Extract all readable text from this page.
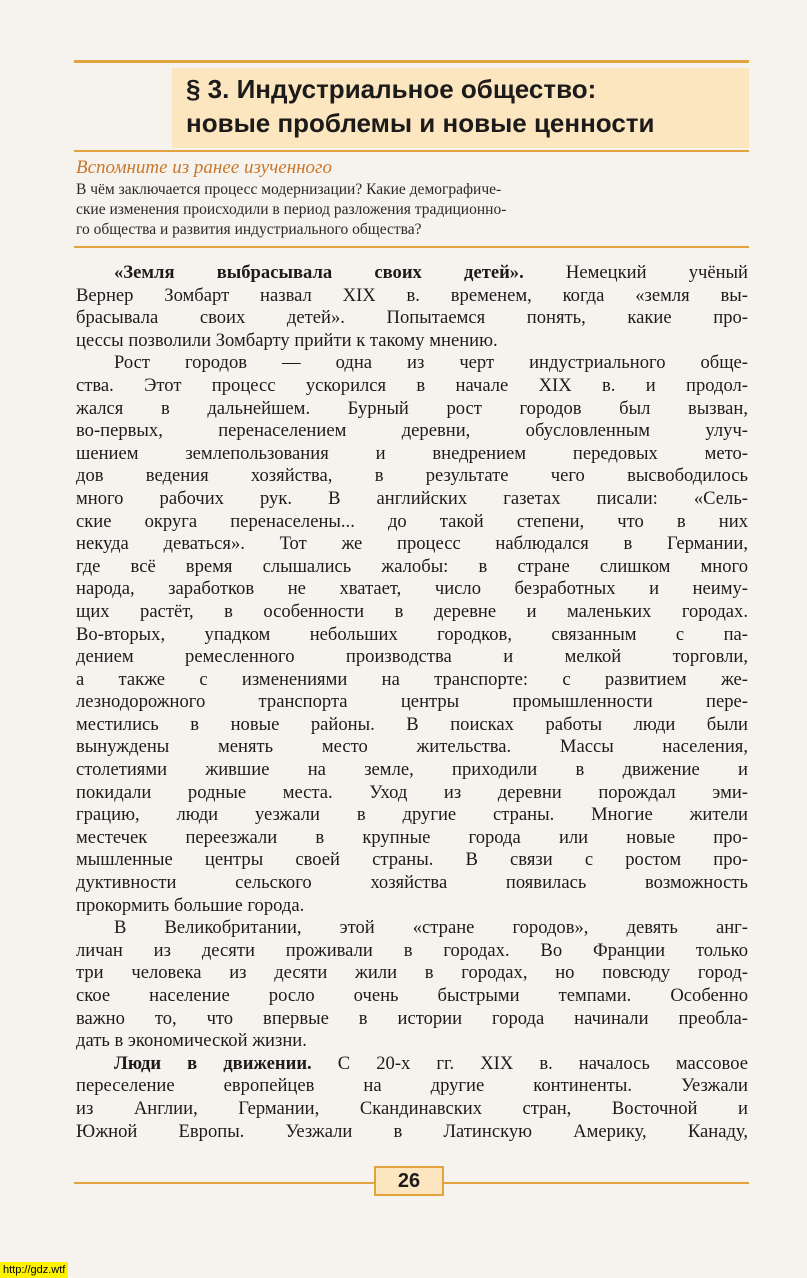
§ 3. Индустриальное общество:
новые проблемы и новые ценности
Вспомните из ранее изученного
В чём заключается процесс модернизации? Какие демографиче-
ские изменения происходили в период разложения традиционно-
го общества и развития индустриального общества?
«Земля выбрасывала своих детей». Немецкий учёный
Вернер Зомбарт назвал XIX в. временем, когда «земля вы-
брасывала своих детей». Попытаемся понять, какие про-
цессы позволили Зомбарту прийти к такому мнению.
Рост городов — одна из черт индустриального обще-
ства. Этот процесс ускорился в начале XIX в. и продол-
жался в дальнейшем. Бурный рост городов был вызван,
во-первых, перенаселением деревни, обусловленным улуч-
шением землепользования и внедрением передовых мето-
дов ведения хозяйства, в результате чего высвободилось
много рабочих рук. В английских газетах писали: «Сель-
ские округа перенаселены... до такой степени, что в них
некуда деваться». Тот же процесс наблюдался в Германии,
где всё время слышались жалобы: в стране слишком много
народа, заработков не хватает, число безработных и неиму-
щих растёт, в особенности в деревне и маленьких городах.
Во-вторых, упадком небольших городков, связанным с па-
дением ремесленного производства и мелкой торговли,
а также с изменениями на транспорте: с развитием же-
лезнодорожного транспорта центры промышленности пере-
местились в новые районы. В поисках работы люди были
вынуждены менять место жительства. Массы населения,
столетиями жившие на земле, приходили в движение и
покидали родные места. Уход из деревни порождал эми-
грацию, люди уезжали в другие страны. Многие жители
местечек переезжали в крупные города или новые про-
мышленные центры своей страны. В связи с ростом про-
дуктивности сельского хозяйства появилась возможность
прокормить большие города.
В Великобритании, этой «стране городов», девять анг-
личан из десяти проживали в городах. Во Франции только
три человека из десяти жили в городах, но повсюду город-
ское население росло очень быстрыми темпами. Особенно
важно то, что впервые в истории города начинали преобла-
дать в экономической жизни.
Люди в движении. С 20-х гг. XIX в. началось массовое
переселение европейцев на другие континенты. Уезжали
из Англии, Германии, Скандинавских стран, Восточной и
Южной Европы. Уезжали в Латинскую Америку, Канаду,
26
http://gdz.wtf
